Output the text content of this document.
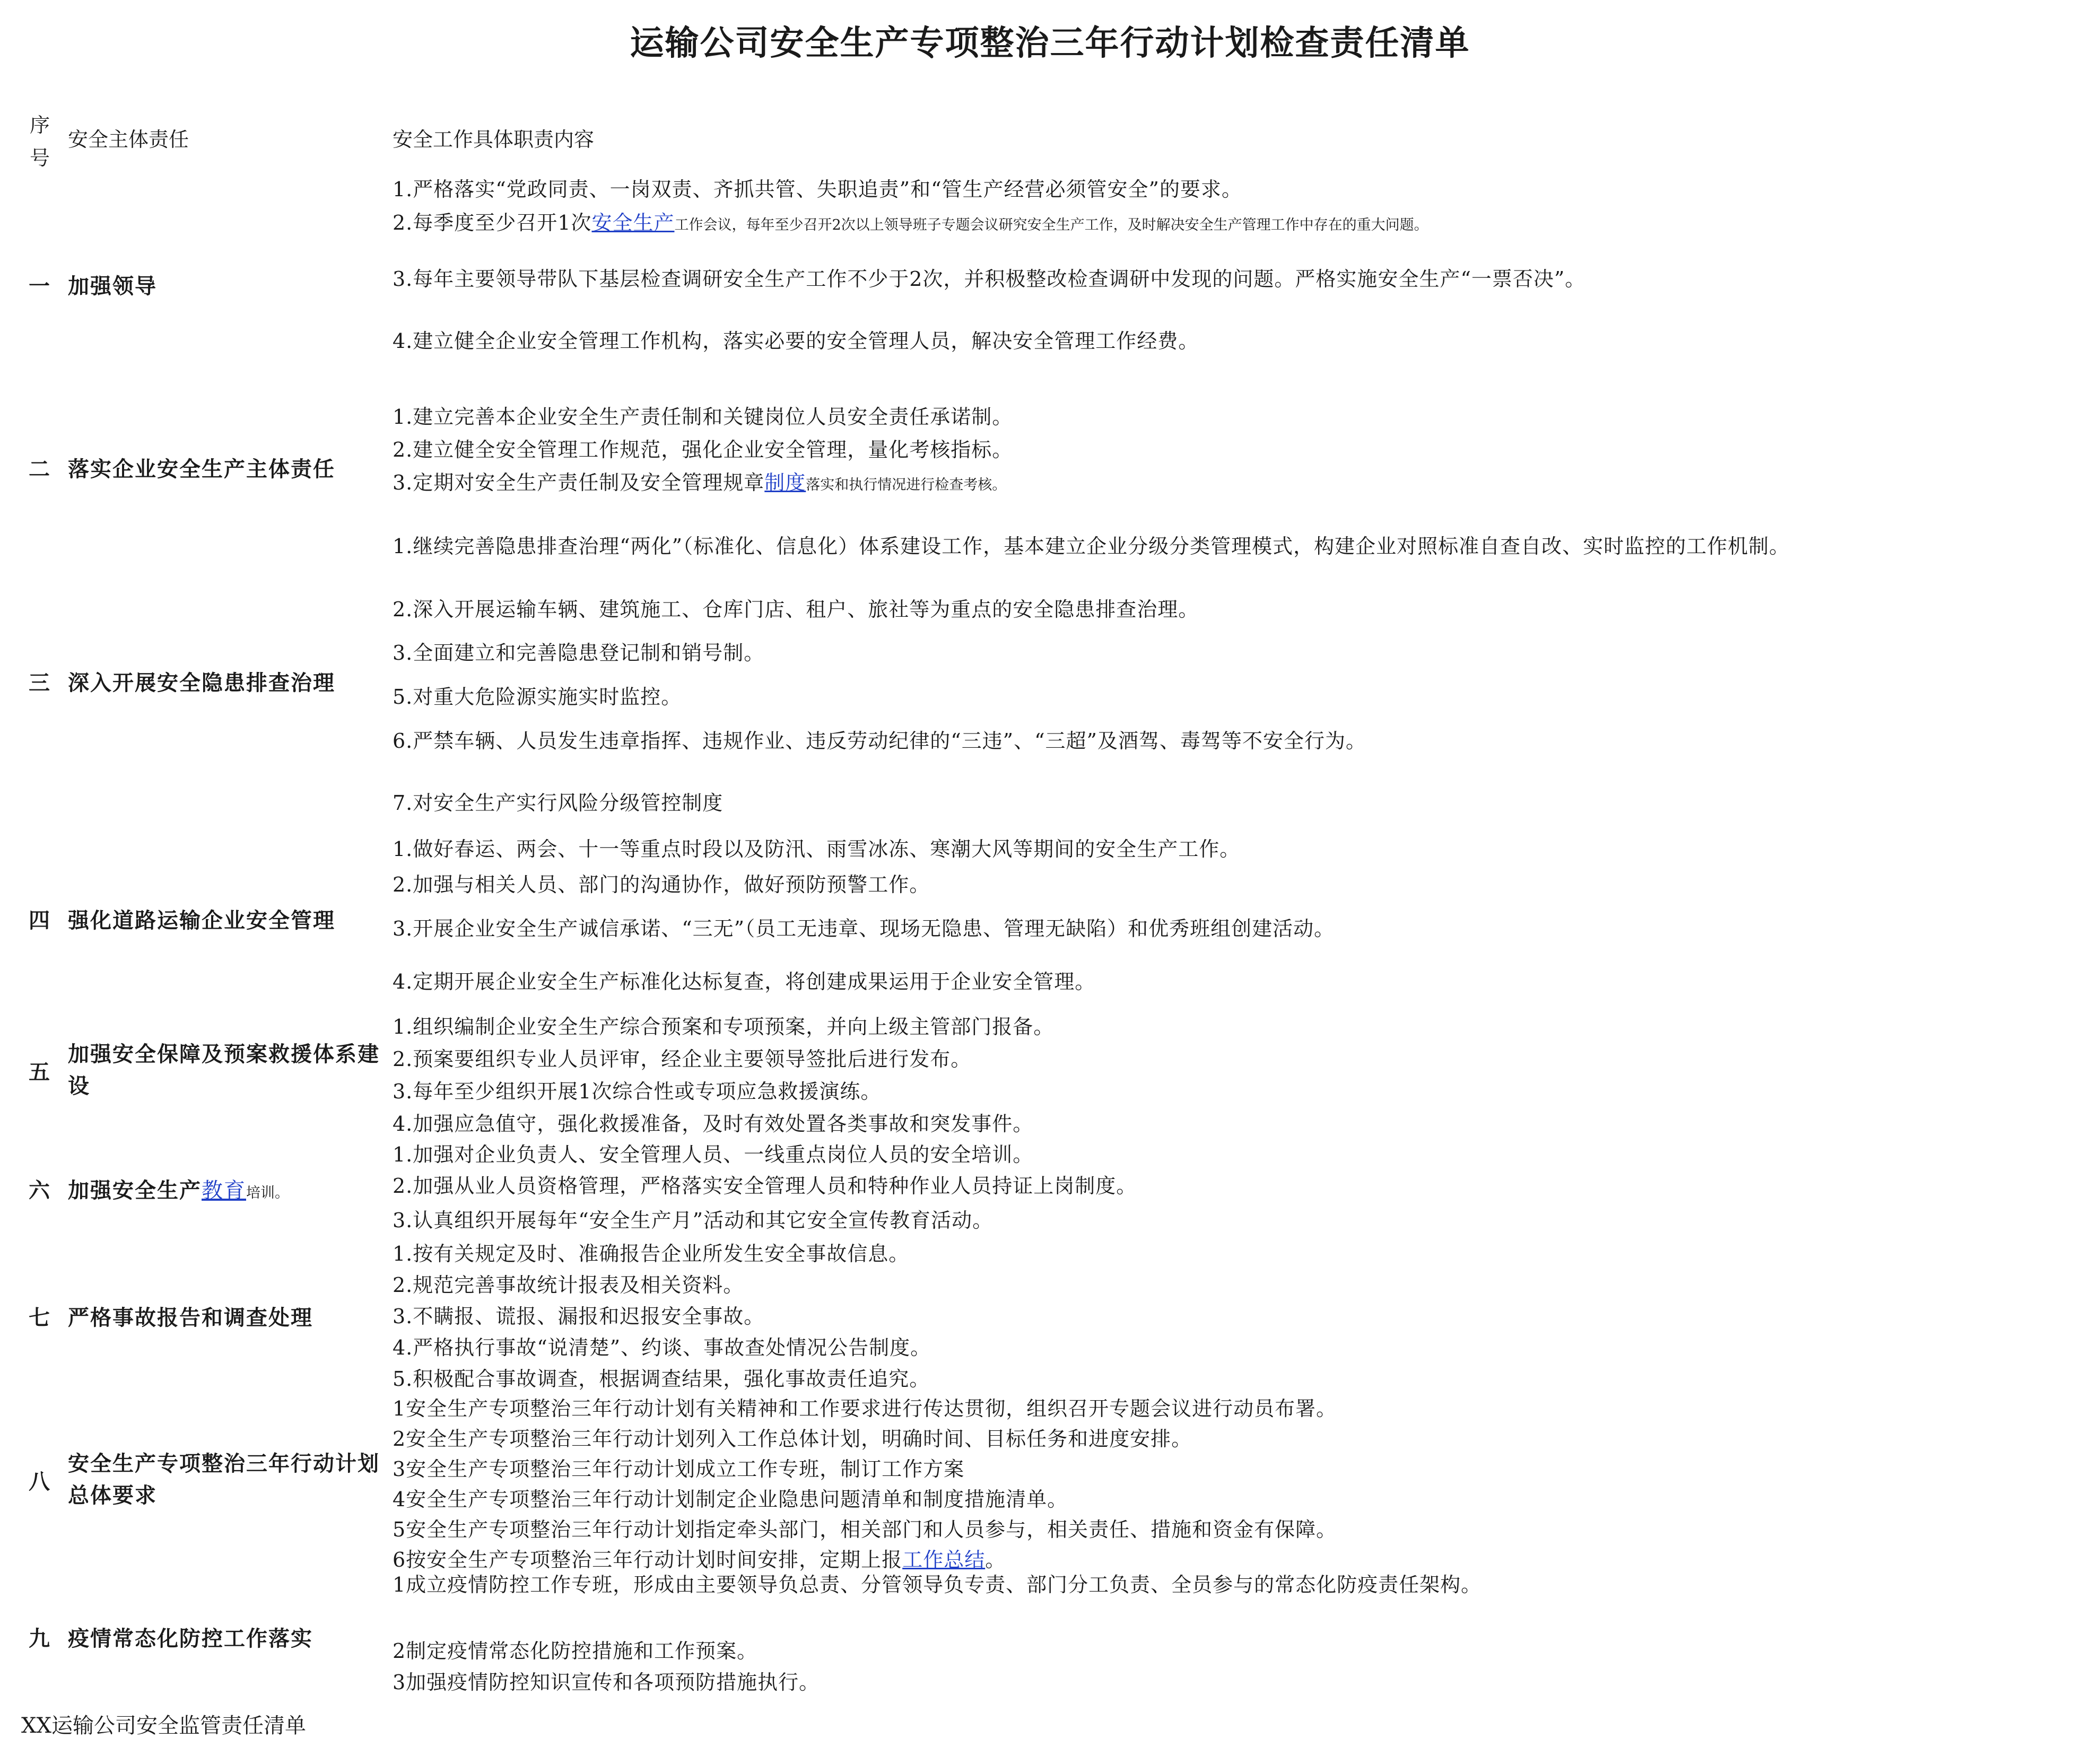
运输公司安全生产专项整治三年行动计划检查责任清单
序号
安全主体责任	安全工作具体职责内容
一 加强领导
1.严格落实“党政同责、一岗双责、齐抓共管、失职追责”和“管生产经营必须管安全”的要求。
2.每季度至少召开1次安全生产工作会议，每年至少召开2次以上领导班子专题会议研究安全生产工作，及时解决安全生产管理工作中存在的重大问题。
3.每年主要领导带队下基层检查调研安全生产工作不少于2次，并积极整改检查调研中发现的问题。严格实施安全生产“一票否决”。
4.建立健全企业安全管理工作机构，落实必要的安全管理人员，解决安全管理工作经费。
二 落实企业安全生产主体责任
1.建立完善本企业安全生产责任制和关键岗位人员安全责任承诺制。
2.建立健全安全管理工作规范，强化企业安全管理，量化考核指标。
3.定期对安全生产责任制及安全管理规章制度落实和执行情况进行检查考核。
三 深入开展安全隐患排查治理
1.继续完善隐患排查治理“两化”（标准化、信息化）体系建设工作，基本建立企业分级分类管理模式，构建企业对照标准自查自改、实时监控的工作机制。
2.深入开展运输车辆、建筑施工、仓库门店、租户、旅社等为重点的安全隐患排查治理。
3.全面建立和完善隐患登记制和销号制。
5.对重大危险源实施实时监控。
6.严禁车辆、人员发生违章指挥、违规作业、违反劳动纪律的“三违”、“三超”及酒驾、毒驾等不安全行为。
7.对安全生产实行风险分级管控制度
四 强化道路运输企业安全管理
1.做好春运、两会、十一等重点时段以及防汛、雨雪冰冻、寒潮大风等期间的安全生产工作。
2.加强与相关人员、部门的沟通协作，做好预防预警工作。
3.开展企业安全生产诚信承诺、“三无”（员工无违章、现场无隐患、管理无缺陷）和优秀班组创建活动。
4.定期开展企业安全生产标准化达标复查，将创建成果运用于企业安全管理。
五
加强安全保障及预案救援体系建设
1.组织编制企业安全生产综合预案和专项预案，并向上级主管部门报备。
2.预案要组织专业人员评审，经企业主要领导签批后进行发布。
3.每年至少组织开展1次综合性或专项应急救援演练。
4.加强应急值守，强化救援准备，及时有效处置各类事故和突发事件。
六 加强安全生产教育培训。
1.加强对企业负责人、安全管理人员、一线重点岗位人员的安全培训。
2.加强从业人员资格管理，严格落实安全管理人员和特种作业人员持证上岗制度。
3.认真组织开展每年“安全生产月”活动和其它安全宣传教育活动。
七 严格事故报告和调查处理
1.按有关规定及时、准确报告企业所发生安全事故信息。
2.规范完善事故统计报表及相关资料。
3.不瞒报、谎报、漏报和迟报安全事故。
4.严格执行事故“说清楚”、约谈、事故查处情况公告制度。
5.积极配合事故调查，根据调查结果，强化事故责任追究。
八
安全生产专项整治三年行动计划总体要求
1安全生产专项整治三年行动计划有关精神和工作要求进行传达贯彻，组织召开专题会议进行动员布署。
2安全生产专项整治三年行动计划列入工作总体计划，明确时间、目标任务和进度安排。
3安全生产专项整治三年行动计划成立工作专班，制订工作方案
4安全生产专项整治三年行动计划制定企业隐患问题清单和制度措施清单。
5安全生产专项整治三年行动计划指定牵头部门，相关部门和人员参与，相关责任、措施和资金有保障。
6按安全生产专项整治三年行动计划时间安排，定期上报工作总结。
九 疫情常态化防控工作落实
1成立疫情防控工作专班，形成由主要领导负总责、分管领导负专责、部门分工负责、全员参与的常态化防疫责任架构。
2制定疫情常态化防控措施和工作预案。
3加强疫情防控知识宣传和各项预防措施执行。
XX运输公司安全监管责任清单
